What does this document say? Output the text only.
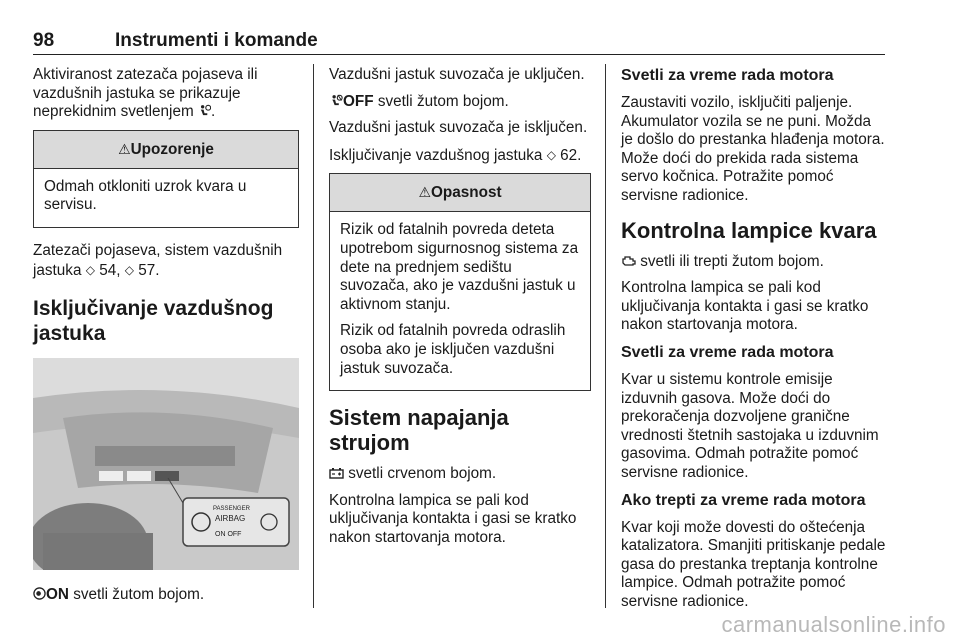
98	Instrumenti i komande

Aktiviranost zatezača pojaseva ili vazdušnih jastuka se prikazuje neprekidnim svetlenjem .

⚠Upozorenje

Odmah otkloniti uzrok kvara u servisu.

Zatezači pojaseva, sistem vazdušnih jastuka ◇ 54, ◇ 57.

Isključivanje vazdušnog jastuka
PASSENGER
AIRBAG
ON OFF

ON svetli žutom bojom.

Vazdušni jastuk suvozača je uključen.

OFF svetli žutom bojom.

Vazdušni jastuk suvozača je isključen.

Isključivanje vazdušnog jastuka ◇ 62.

⚠Opasnost

Rizik od fatalnih povreda deteta upotrebom sigurnosnog sistema za dete na prednjem sedištu suvozača, ako je vazdušni jastuk u aktivnom stanju.

Rizik od fatalnih povreda odraslih osoba ako je isključen vazdušni jastuk suvozača.

Sistem napajanja strujom

svetli crvenom bojom.

Kontrolna lampica se pali kod uključivanja kontakta i gasi se kratko nakon startovanja motora.

Svetli za vreme rada motora

Zaustaviti vozilo, isključiti paljenje. Akumulator vozila se ne puni. Možda je došlo do prestanka hlađenja motora. Može doći do prekida rada sistema servo kočnica. Potražite pomoć servisne radionice.

Kontrolna lampice kvara

svetli ili trepti žutom bojom.

Kontrolna lampica se pali kod uključivanja kontakta i gasi se kratko nakon startovanja motora.

Svetli za vreme rada motora

Kvar u sistemu kontrole emisije izduvnih gasova. Može doći do prekoračenja dozvoljene granične vrednosti štetnih sastojaka u izduvnim gasovima. Odmah potražite pomoć servisne radionice.

Ako trepti za vreme rada motora

Kvar koji može dovesti do oštećenja katalizatora. Smanjiti pritiskanje pedale gasa do prestanka treptanja kontrolne lampice. Odmah potražite pomoć servisne radionice.

carmanualsonline.info
